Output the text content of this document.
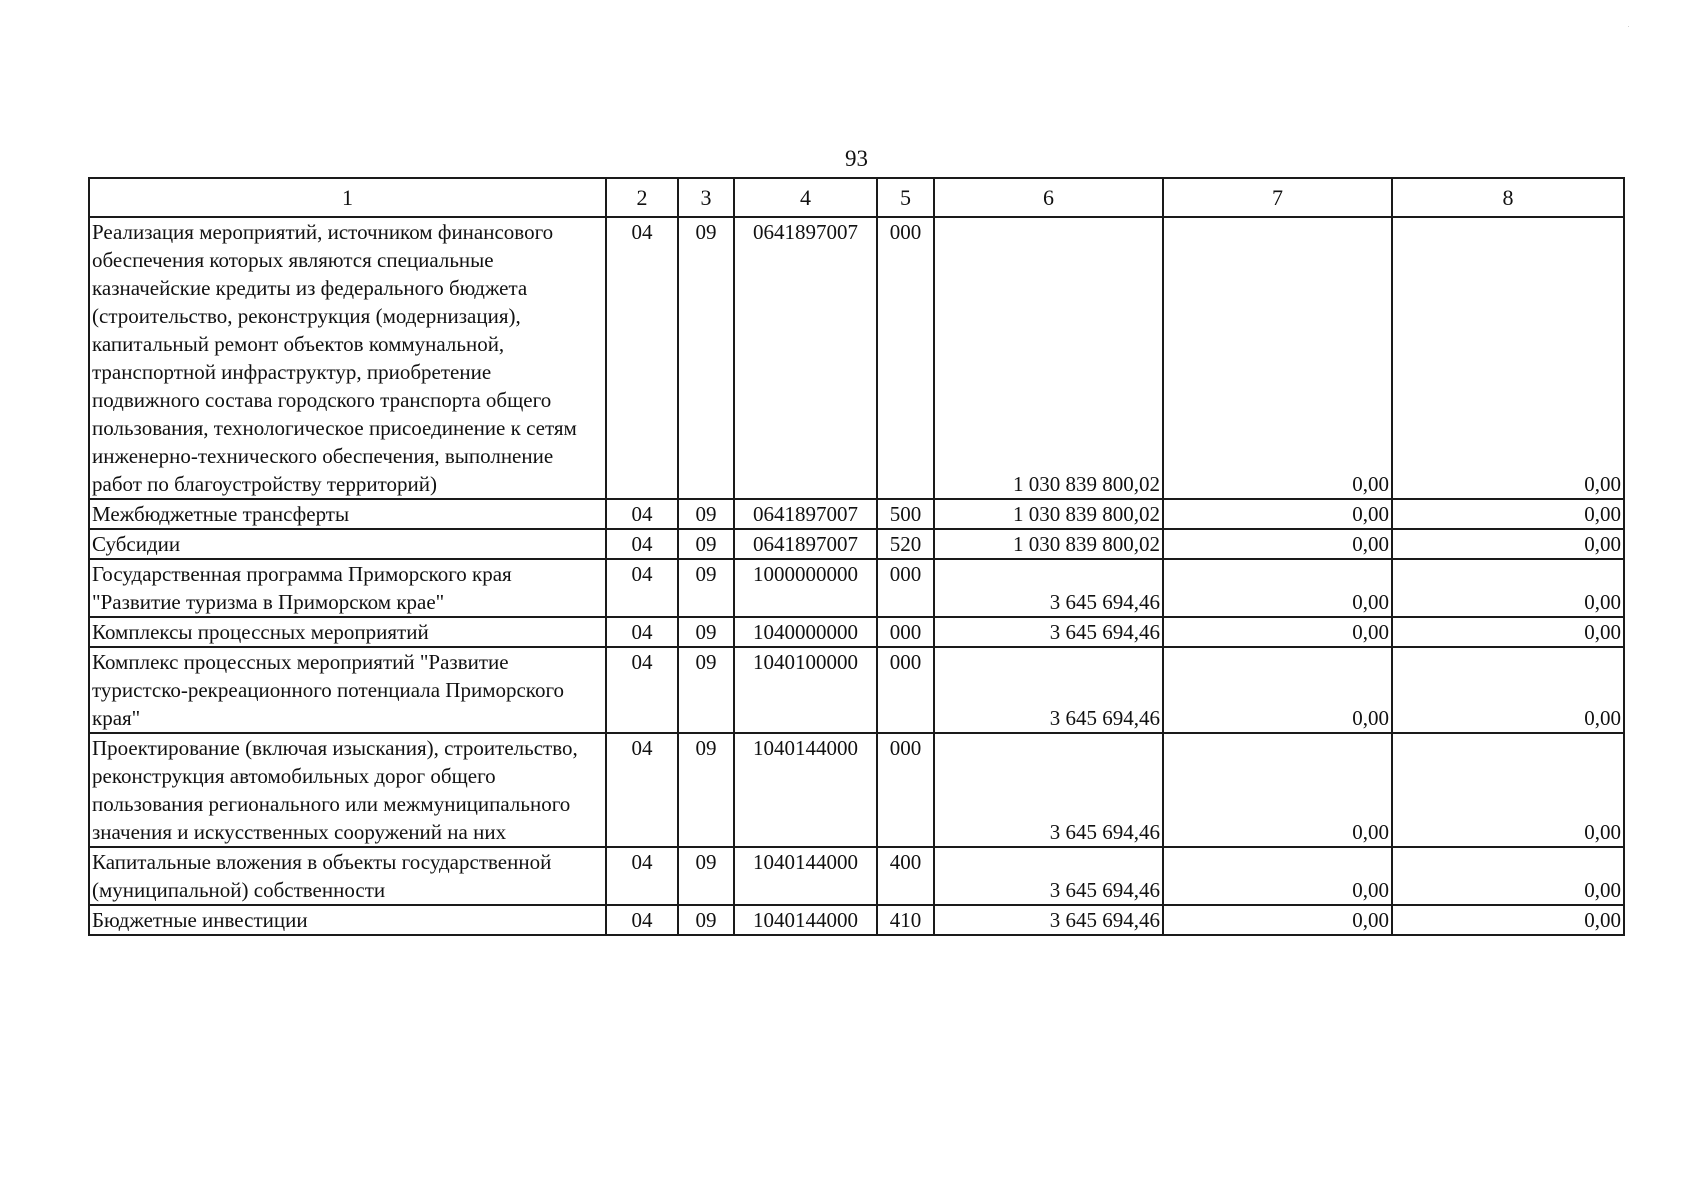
93
1	2	3	4	5	6	7	8
Реализация мероприятий, источником финансового обеспечения которых являются специальные казначейские кредиты из федерального бюджета (строительство, реконструкция (модернизация), капитальный ремонт объектов коммунальной, транспортной инфраструктур, приобретение подвижного состава городского транспорта общего пользования, технологическое присоединение к сетям инженерно-технического обеспечения, выполнение работ по благоустройству территорий)	04	09	0641897007	000	1 030 839 800,02	0,00	0,00
Межбюджетные трансферты	04	09	0641897007	500	1 030 839 800,02	0,00	0,00
Субсидии	04	09	0641897007	520	1 030 839 800,02	0,00	0,00
Государственная программа Приморского края "Развитие туризма в Приморском крае"	04	09	1000000000	000	3 645 694,46	0,00	0,00
Комплексы процессных мероприятий	04	09	1040000000	000	3 645 694,46	0,00	0,00
Комплекс процессных мероприятий "Развитие туристско-рекреационного потенциала Приморского края"	04	09	1040100000	000	3 645 694,46	0,00	0,00
Проектирование (включая изыскания), строительство, реконструкция автомобильных дорог общего пользования регионального или межмуниципального значения и искусственных сооружений на них	04	09	1040144000	000	3 645 694,46	0,00	0,00
Капитальные вложения в объекты государственной (муниципальной) собственности	04	09	1040144000	400	3 645 694,46	0,00	0,00
Бюджетные инвестиции	04	09	1040144000	410	3 645 694,46	0,00	0,00
